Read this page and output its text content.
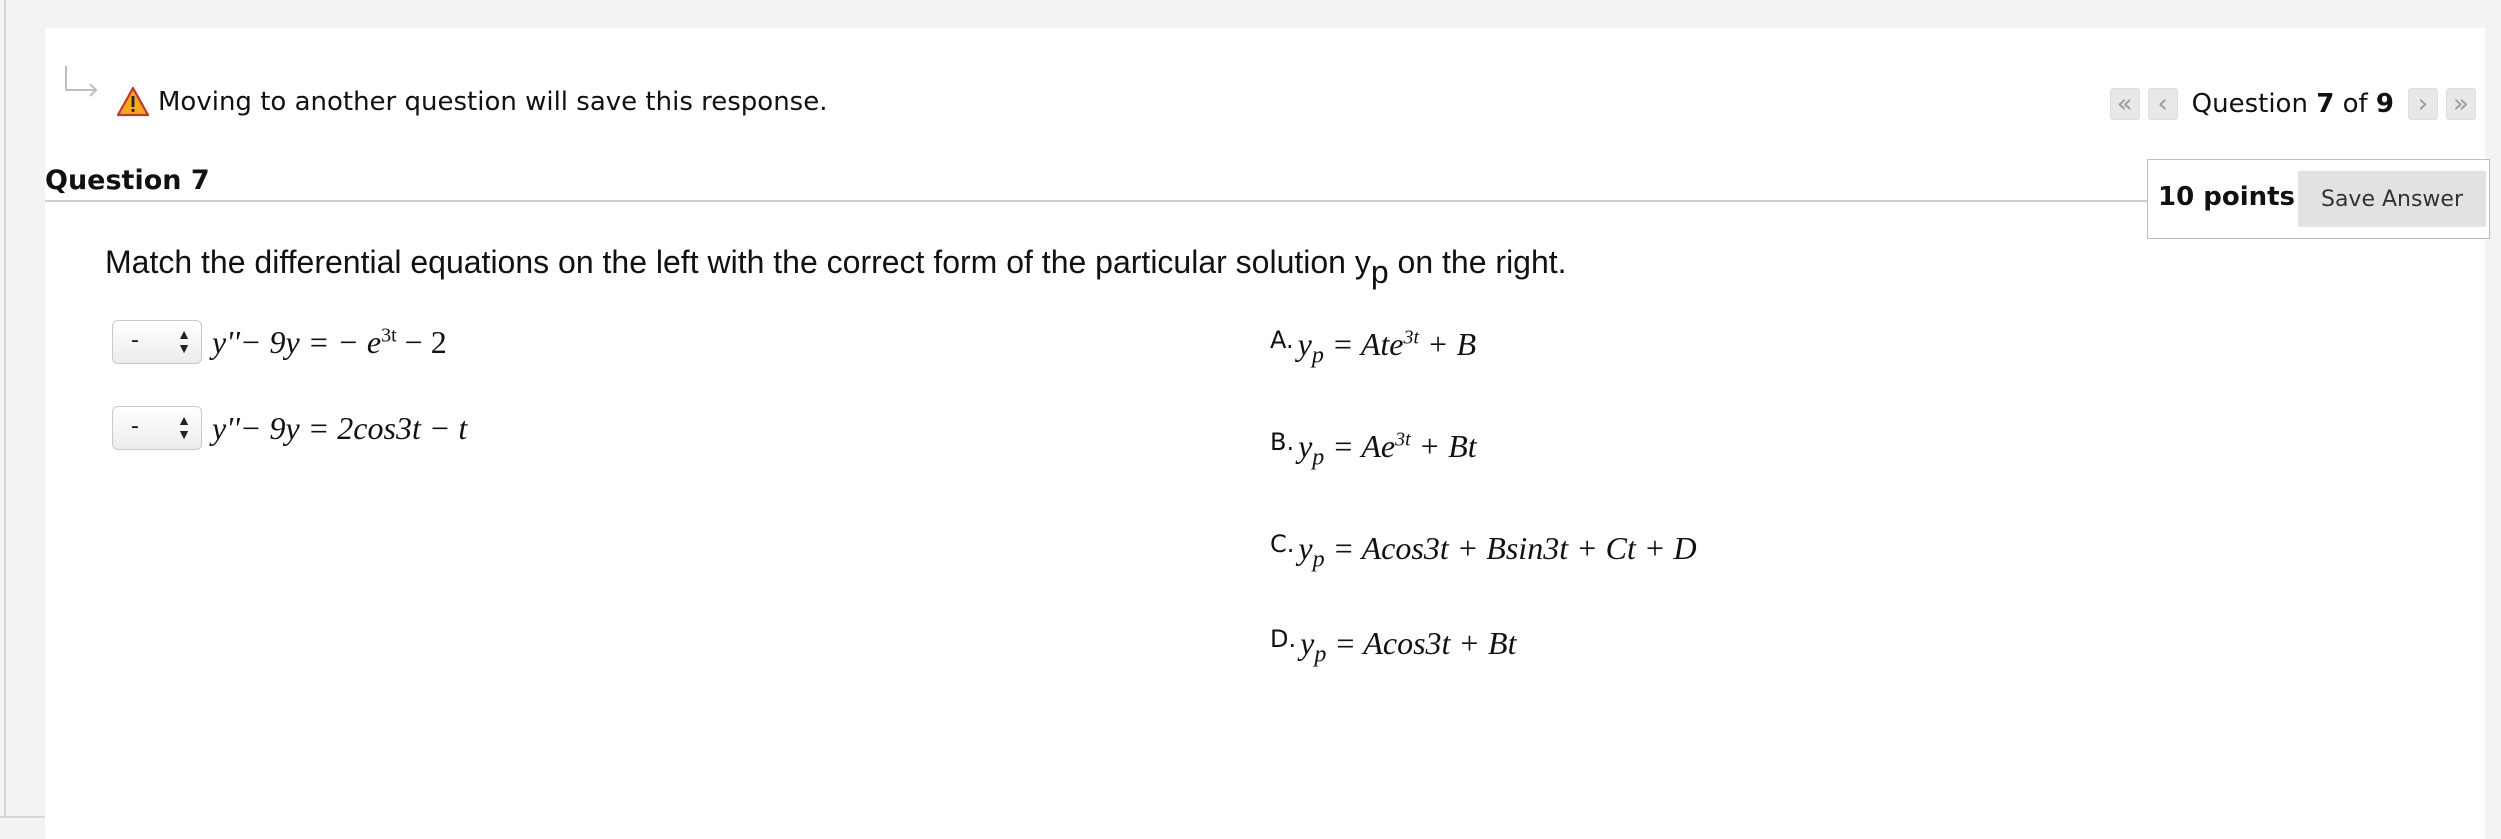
Moving to another question will save this response.	« ‹ Question 7 of 9 › »
Question 7
10 points	Save Answer
Match the differential equations on the left with the correct form of the particular solution yp on the right.
-	▲
▼ y''− 9y = − $e^{3t} - 2$
-	▲
▼ y''− 9y = 2cos3t − t
A. $y_p = Ate^{3t} + B$
B. $y_p = Ae^{3t} + Bt$
C. $y_p = Acos3t + Bsin3t + Ct + D$
D. $y_p = Acos3t + Bt$
